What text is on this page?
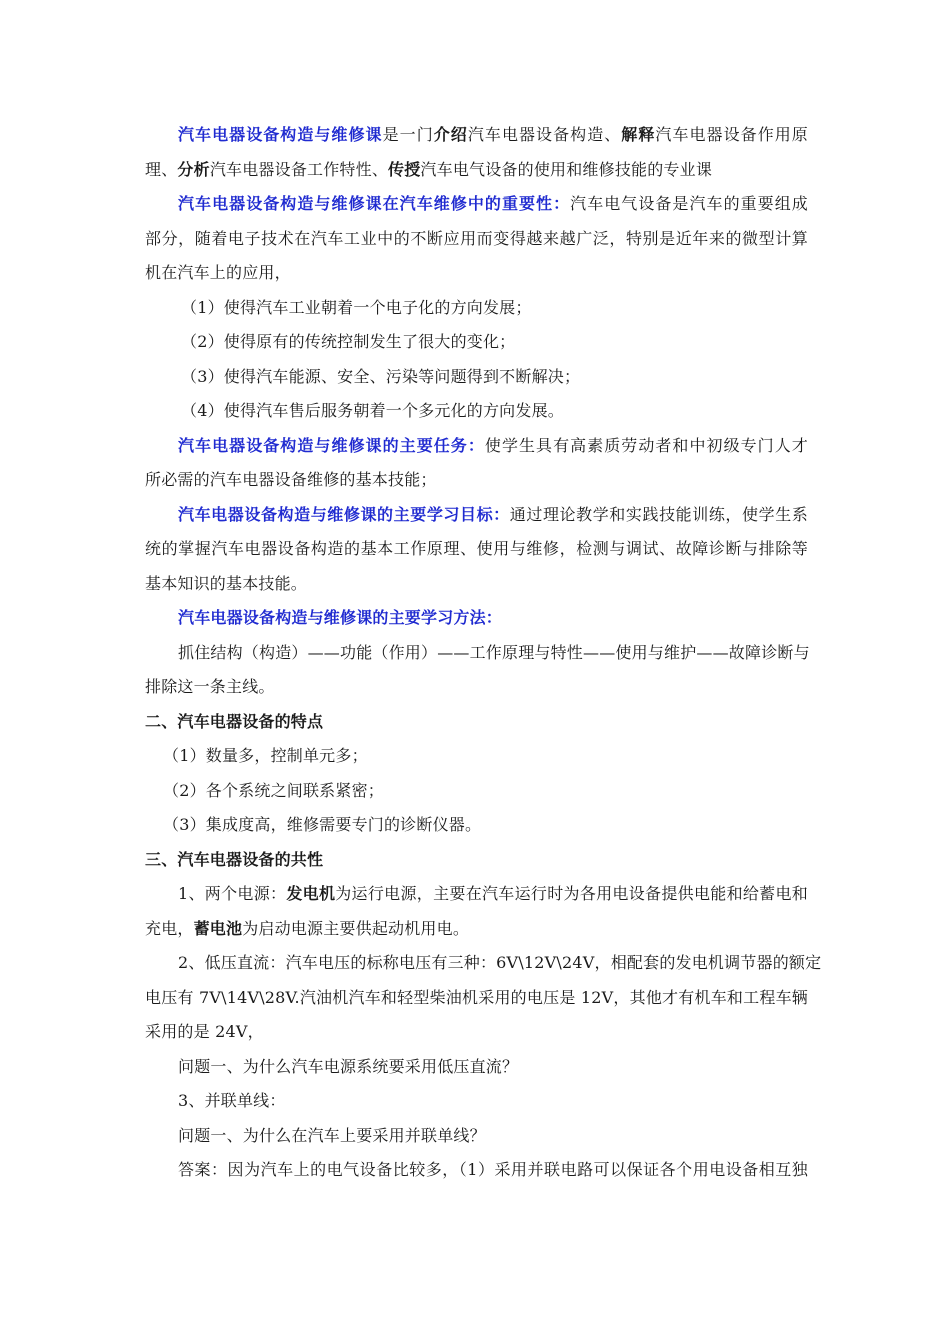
汽车电器设备构造与维修课是一门介绍汽车电器设备构造、解释汽车电器设备作用原

理、分析汽车电器设备工作特性、传授汽车电气设备的使用和维修技能的专业课

汽车电器设备构造与维修课在汽车维修中的重要性：汽车电气设备是汽车的重要组成

部分，随着电子技术在汽车工业中的不断应用而变得越来越广泛，特别是近年来的微型计算

机在汽车上的应用，

（1）使得汽车工业朝着一个电子化的方向发展；

（2）使得原有的传统控制发生了很大的变化；

（3）使得汽车能源、安全、污染等问题得到不断解决；

（4）使得汽车售后服务朝着一个多元化的方向发展。

汽车电器设备构造与维修课的主要任务：使学生具有高素质劳动者和中初级专门人才

所必需的汽车电器设备维修的基本技能；

汽车电器设备构造与维修课的主要学习目标：通过理论教学和实践技能训练，使学生系

统的掌握汽车电器设备构造的基本工作原理、使用与维修，检测与调试、故障诊断与排除等

基本知识的基本技能。

汽车电器设备构造与维修课的主要学习方法：

抓住结构（构造）——功能（作用）——工作原理与特性——使用与维护——故障诊断与

排除这一条主线。

二、汽车电器设备的特点

（1）数量多，控制单元多；

（2）各个系统之间联系紧密；

（3）集成度高，维修需要专门的诊断仪器。

三、汽车电器设备的共性

1、两个电源：发电机为运行电源，主要在汽车运行时为各用电设备提供电能和给蓄电和

充电，蓄电池为启动电源主要供起动机用电。

2、低压直流：汽车电压的标称电压有三种：6V\12V\24V，相配套的发电机调节器的额定

电压有 7V\14V\28V.汽油机汽车和轻型柴油机采用的电压是 12V，其他才有机车和工程车辆

采用的是 24V，

问题一、为什么汽车电源系统要采用低压直流？

3、并联单线：

问题一、为什么在汽车上要采用并联单线？

答案：因为汽车上的电气设备比较多，（1）采用并联电路可以保证各个用电设备相互独
